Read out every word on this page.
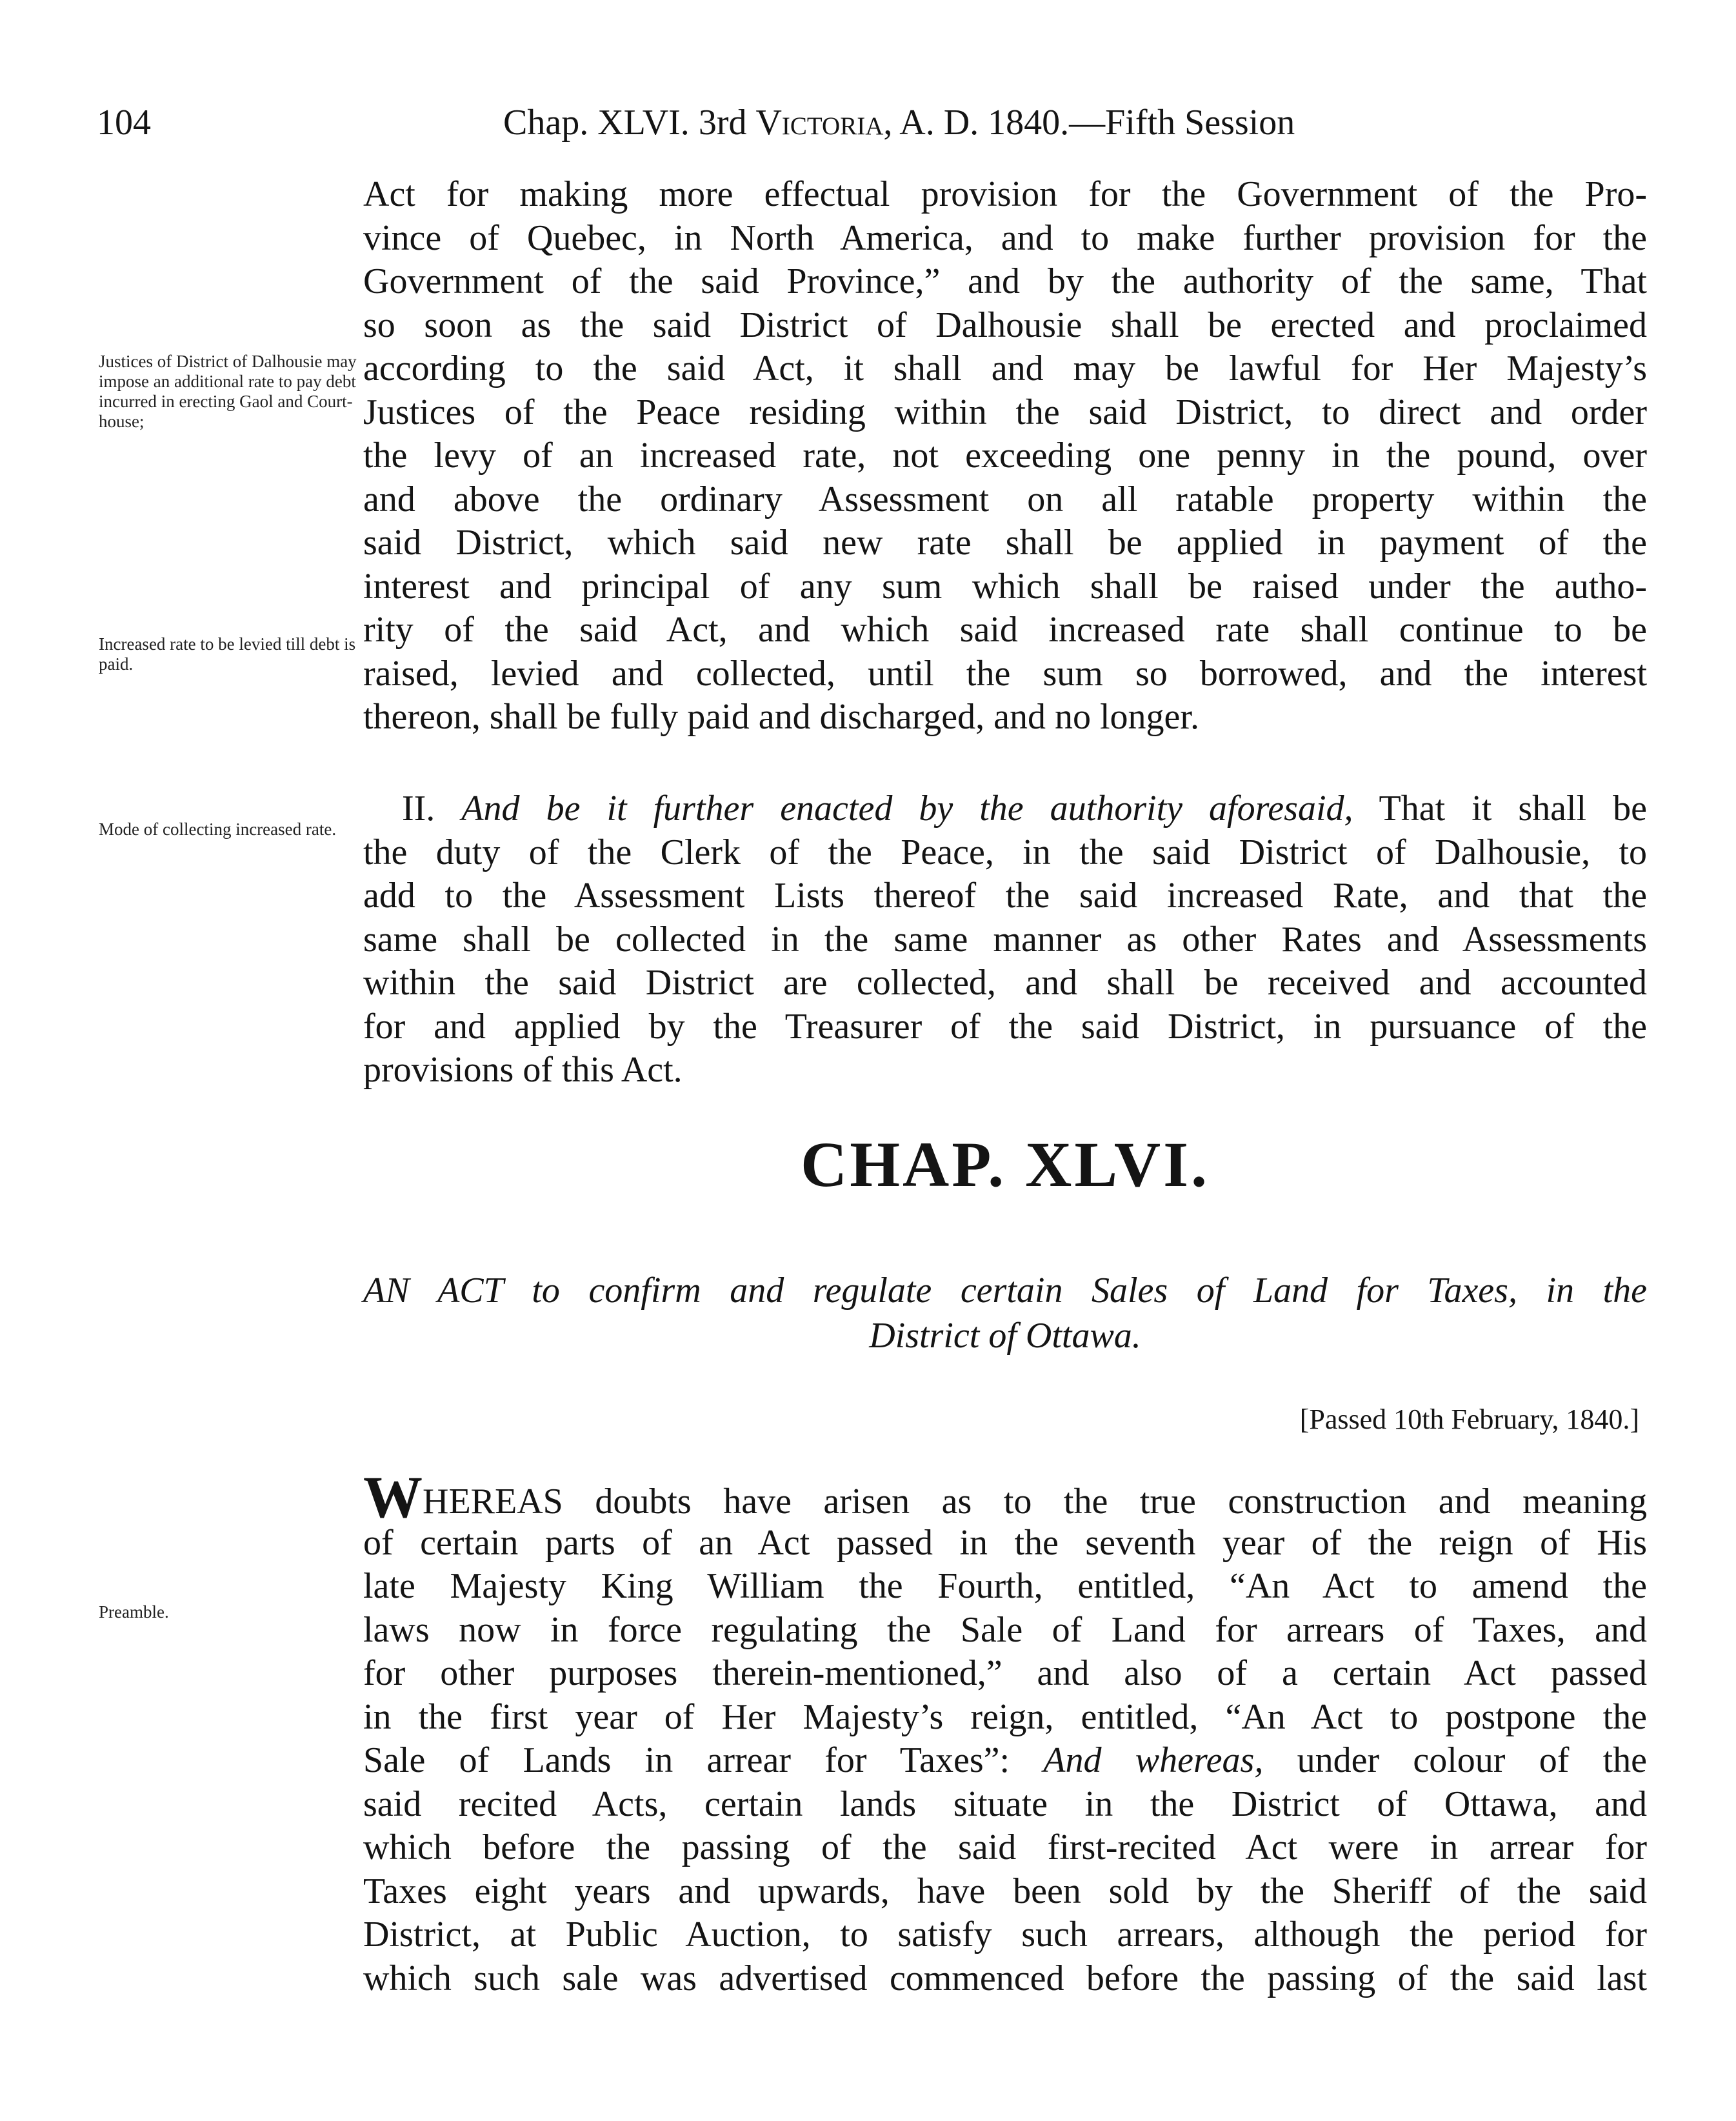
104	Chap. XLVI. 3rd Victoria, A. D. 1840.—Fifth Session
Act for making more effectual provision for the Government of the Pro-
vince of Quebec, in North America, and to make further provision for the
Government of the said Province,” and by the authority of the same, That
so soon as the said District of Dalhousie shall be erected and proclaimed
according to the said Act, it shall and may be lawful for Her Majesty’s
Justices of the Peace residing within the said District, to direct and order
the levy of an increased rate, not exceeding one penny in the pound, over
and above the ordinary Assessment on all ratable property within the
said District, which said new rate shall be applied in payment of the
interest and principal of any sum which shall be raised under the autho-
rity of the said Act, and which said increased rate shall continue to be
raised, levied and collected, until the sum so borrowed, and the interest
thereon, shall be fully paid and discharged, and no longer.
II. And be it further enacted by the authority aforesaid, That it shall be
the duty of the Clerk of the Peace, in the said District of Dalhousie, to
add to the Assessment Lists thereof the said increased Rate, and that the
same shall be collected in the same manner as other Rates and Assessments
within the said District are collected, and shall be received and accounted
for and applied by the Treasurer of the said District, in pursuance of the
provisions of this Act.
Justices of District of Dalhousie may impose an additional rate to pay debt incurred in erecting Gaol and Court-house;
Increased rate to be levied till debt is paid.
Mode of collecting increased rate.
Preamble.
CHAP. XLVI.
AN ACT to confirm and regulate certain Sales of Land for Taxes, in the
District of Ottawa.
[Passed 10th February, 1840.]
WHEREAS doubts have arisen as to the true construction and meaning
of certain parts of an Act passed in the seventh year of the reign of His
late Majesty King William the Fourth, entitled, “An Act to amend the
laws now in force regulating the Sale of Land for arrears of Taxes, and
for other purposes therein-mentioned,” and also of a certain Act passed
in the first year of Her Majesty’s reign, entitled, “An Act to postpone the
Sale of Lands in arrear for Taxes”: And whereas, under colour of the
said recited Acts, certain lands situate in the District of Ottawa, and
which before the passing of the said first-recited Act were in arrear for
Taxes eight years and upwards, have been sold by the Sheriff of the said
District, at Public Auction, to satisfy such arrears, although the period for
which such sale was advertised commenced before the passing of the said last
